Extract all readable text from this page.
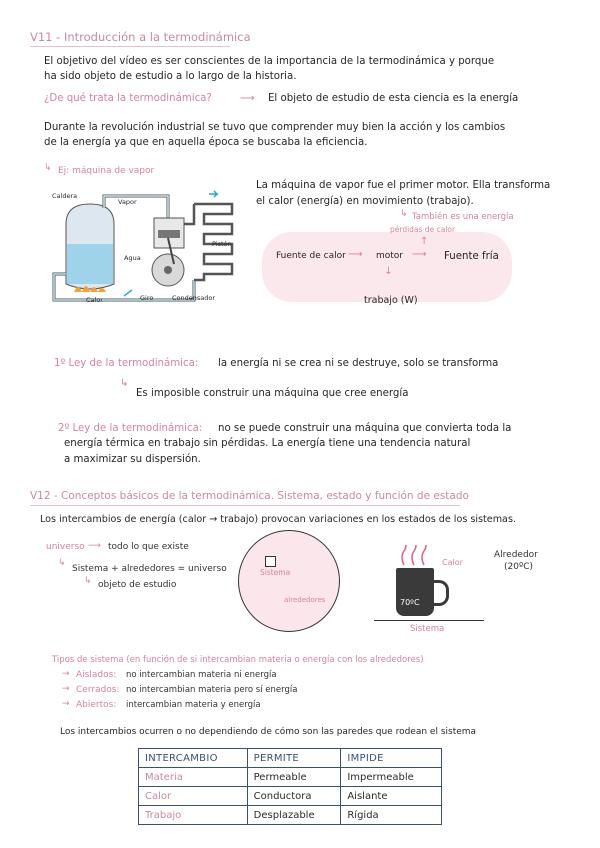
V11 - Introducción a la termodinámica
El objetivo del vídeo es ser conscientes de la importancia de la termodinámica y porque
ha sido objeto de estudio a lo largo de la historia.
¿De qué trata la termodinámica?	⟶ El objeto de estudio de esta ciencia es la energía
Durante la revolución industrial se tuvo que comprender muy bien la acción y los cambios
de la energía ya que en aquella época se buscaba la eficiencia.
↳ Ej: máquina de vapor
Caldera
Vapor
Pistón
Agua
Calor	Giro	Condensador
La máquina de vapor fue el primer motor. Ella transforma
el calor (energía) en movimiento (trabajo).
↳ También es una energía
pérdidas de calor
↑
Fuente de calor ⟶ motor ⟶ Fuente fría
↓
trabajo (W)
1º Ley de la termodinámica: la energía ni se crea ni se destruye, solo se transforma
↳
Es imposible construir una máquina que cree energía
2º Ley de la termodinámica: no se puede construir una máquina que convierta toda la
energía térmica en trabajo sin pérdidas. La energía tiene una tendencia natural
a maximizar su dispersión.
V12 - Conceptos básicos de la termodinámica. Sistema, estado y función de estado
Los intercambios de energía (calor → trabajo) provocan variaciones en los estados de los sistemas.
universo ⟶ todo lo que existe
↳
Sistema + alrededores = universo
↳ objeto de estudio
Sistema
alrededores
Calor
70ºC
Alrededor
(20ºC)
Sistema
Tipos de sistema (en función de si intercambian materia o energía con los alrededores)
→ Aislados: no intercambian materia ni energía
→ Cerrados: no intercambian materia pero sí energía
→ Abiertos: intercambian materia y energía
Los intercambios ocurren o no dependiendo de cómo son las paredes que rodean el sistema
INTERCAMBIO	PERMITE	IMPIDE
Materia	Permeable	Impermeable
Calor	Conductora	Aislante
Trabajo	Desplazable	Rígida
